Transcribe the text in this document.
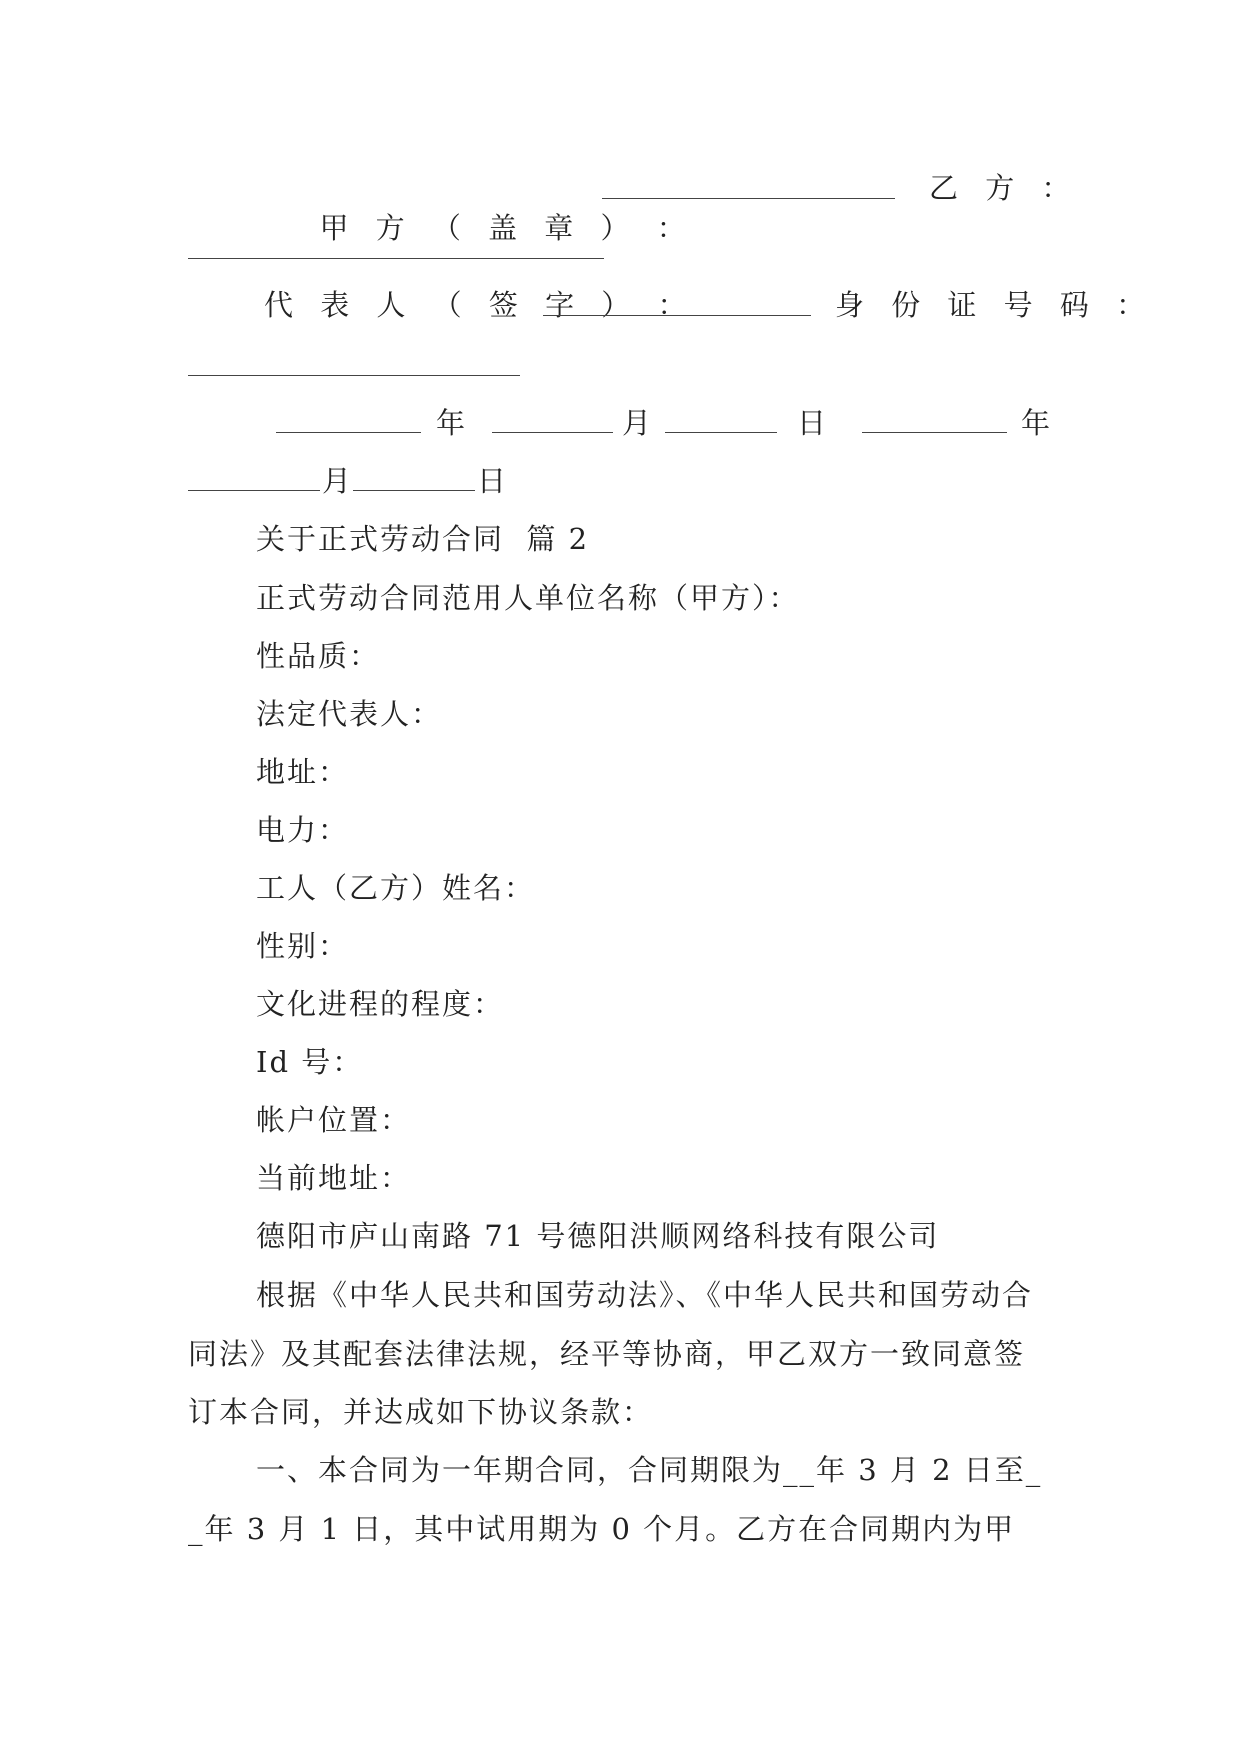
甲 方 （ 盖 章 ） ：

乙 方 ：
代 表 人 （ 签 字 ） ：	身 份 证 号 码 ：
年	月	日	年
月	日
关于正式劳动合同  篇 2
正式劳动合同范用人单位名称（甲方）：
性品质：
法定代表人：
地址：
电力：
工人（乙方）姓名：
性别：
文化进程的程度：
Id 号：
帐户位置：
当前地址：
德阳市庐山南路 71 号德阳洪顺网络科技有限公司
根据《中华人民共和国劳动法》、《中华人民共和国劳动合同法》及其配套法律法规，经平等协商，甲乙双方一致同意签订本合同，并达成如下协议条款：
一、本合同为一年期合同，合同期限为__年 3 月 2 日至__年 3 月 1 日，其中试用期为 0 个月。乙方在合同期内为甲
